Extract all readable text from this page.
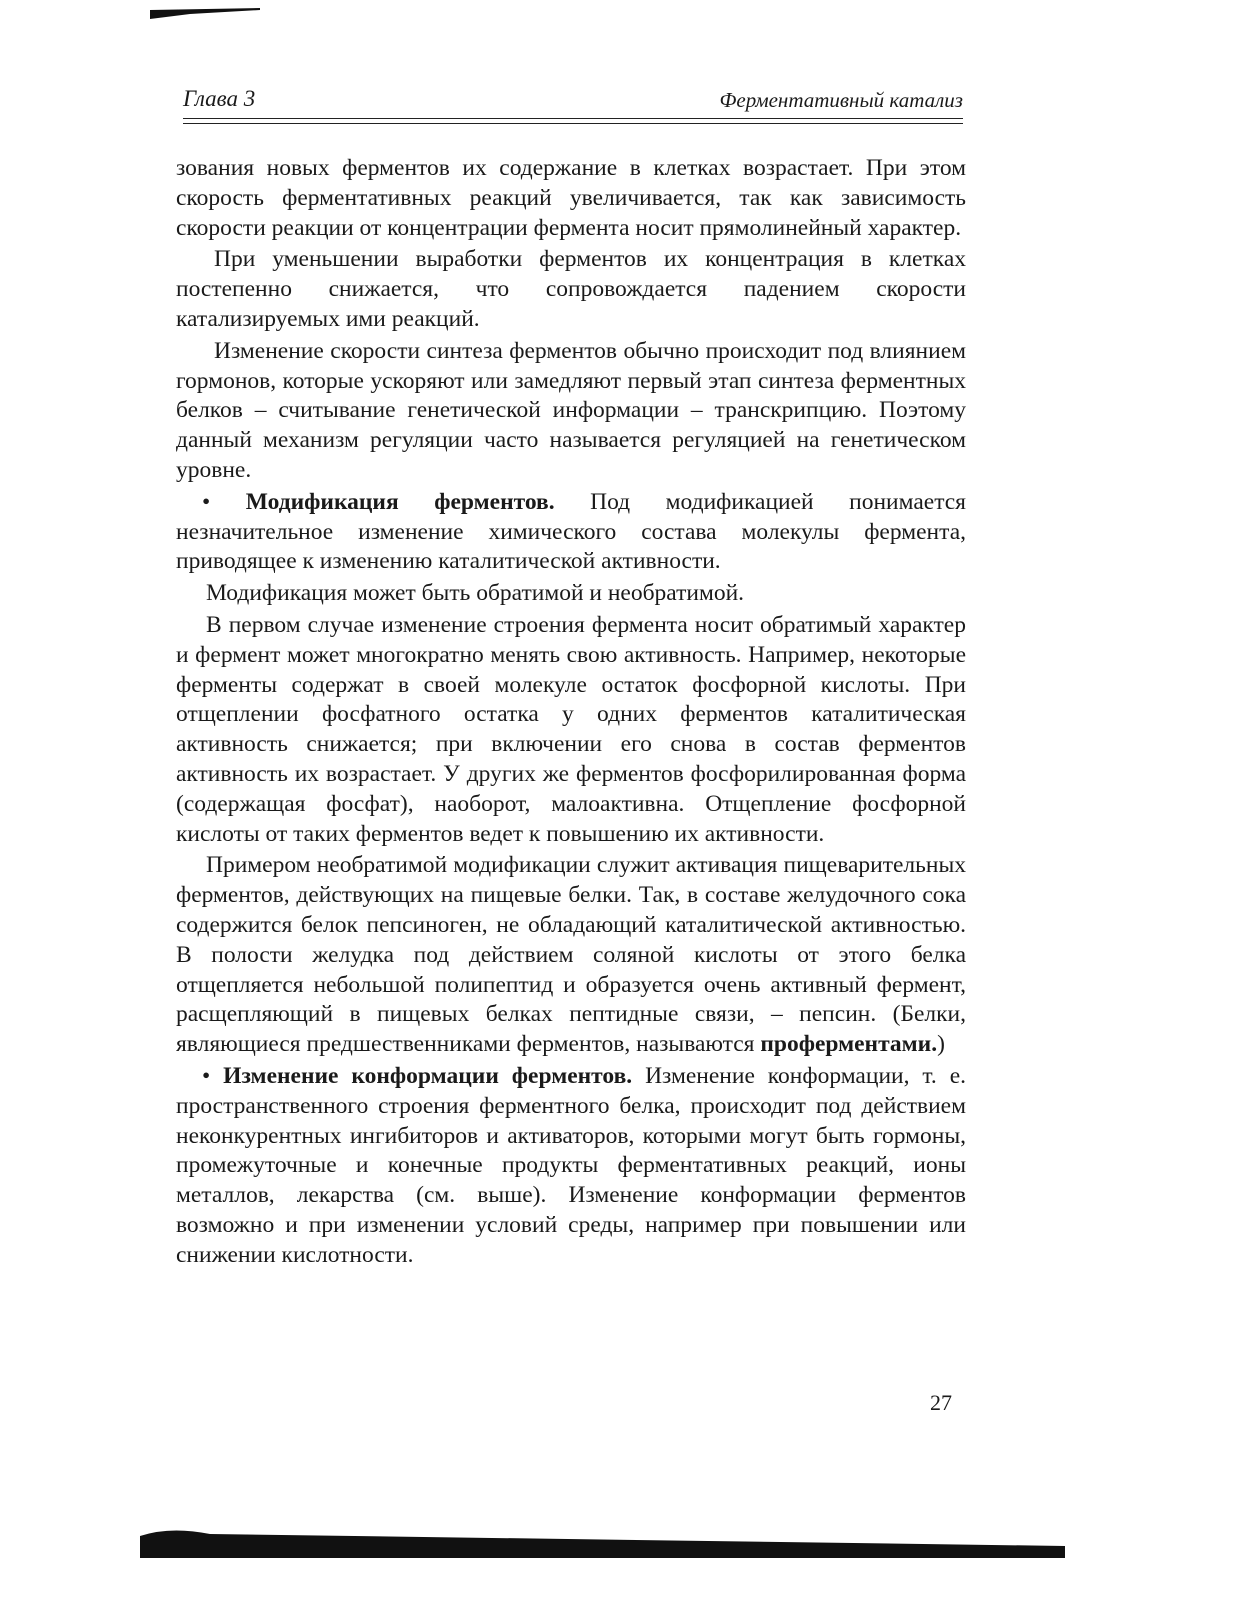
Глава 3	Ферментативный катализ

зования новых ферментов их содержание в клетках возрастает. При этом скорость ферментативных реакций увеличивается, так как зависимость скорости реакции от концентрации фермента носит прямолинейный характер.

При уменьшении выработки ферментов их концентрация в клетках постепенно снижается, что сопровождается падением скорости катализируемых ими реакций.

Изменение скорости синтеза ферментов обычно происходит под влиянием гормонов, которые ускоряют или замедляют первый этап синтеза ферментных белков – считывание генетической информации – транскрипцию. Поэтому данный механизм регуляции часто называется регуляцией на генетическом уровне.

• Модификация ферментов. Под модификацией понимается незначительное изменение химического состава молекулы фермента, приводящее к изменению каталитической активности.

Модификация может быть обратимой и необратимой.

В первом случае изменение строения фермента носит обратимый характер и фермент может многократно менять свою активность. Например, некоторые ферменты содержат в своей молекуле остаток фосфорной кислоты. При отщеплении фосфатного остатка у одних ферментов каталитическая активность снижается; при включении его снова в состав ферментов активность их возрастает. У других же ферментов фосфорилированная форма (содержащая фосфат), наоборот, малоактивна. Отщепление фосфорной кислоты от таких ферментов ведет к повышению их активности.

Примером необратимой модификации служит активация пищеварительных ферментов, действующих на пищевые белки. Так, в составе желудочного сока содержится белок пепсиноген, не обладающий каталитической активностью. В полости желудка под действием соляной кислоты от этого белка отщепляется небольшой полипептид и образуется очень активный фермент, расщепляющий в пищевых белках пептидные связи, – пепсин. (Белки, являющиеся предшественниками ферментов, называются проферментами.)

• Изменение конформации ферментов. Изменение конформации, т. е. пространственного строения ферментного белка, происходит под действием неконкурентных ингибиторов и активаторов, которыми могут быть гормоны, промежуточные и конечные продукты ферментативных реакций, ионы металлов, лекарства (см. выше). Изменение конформации ферментов возможно и при изменении условий среды, например при повышении или снижении кислотности.

27
